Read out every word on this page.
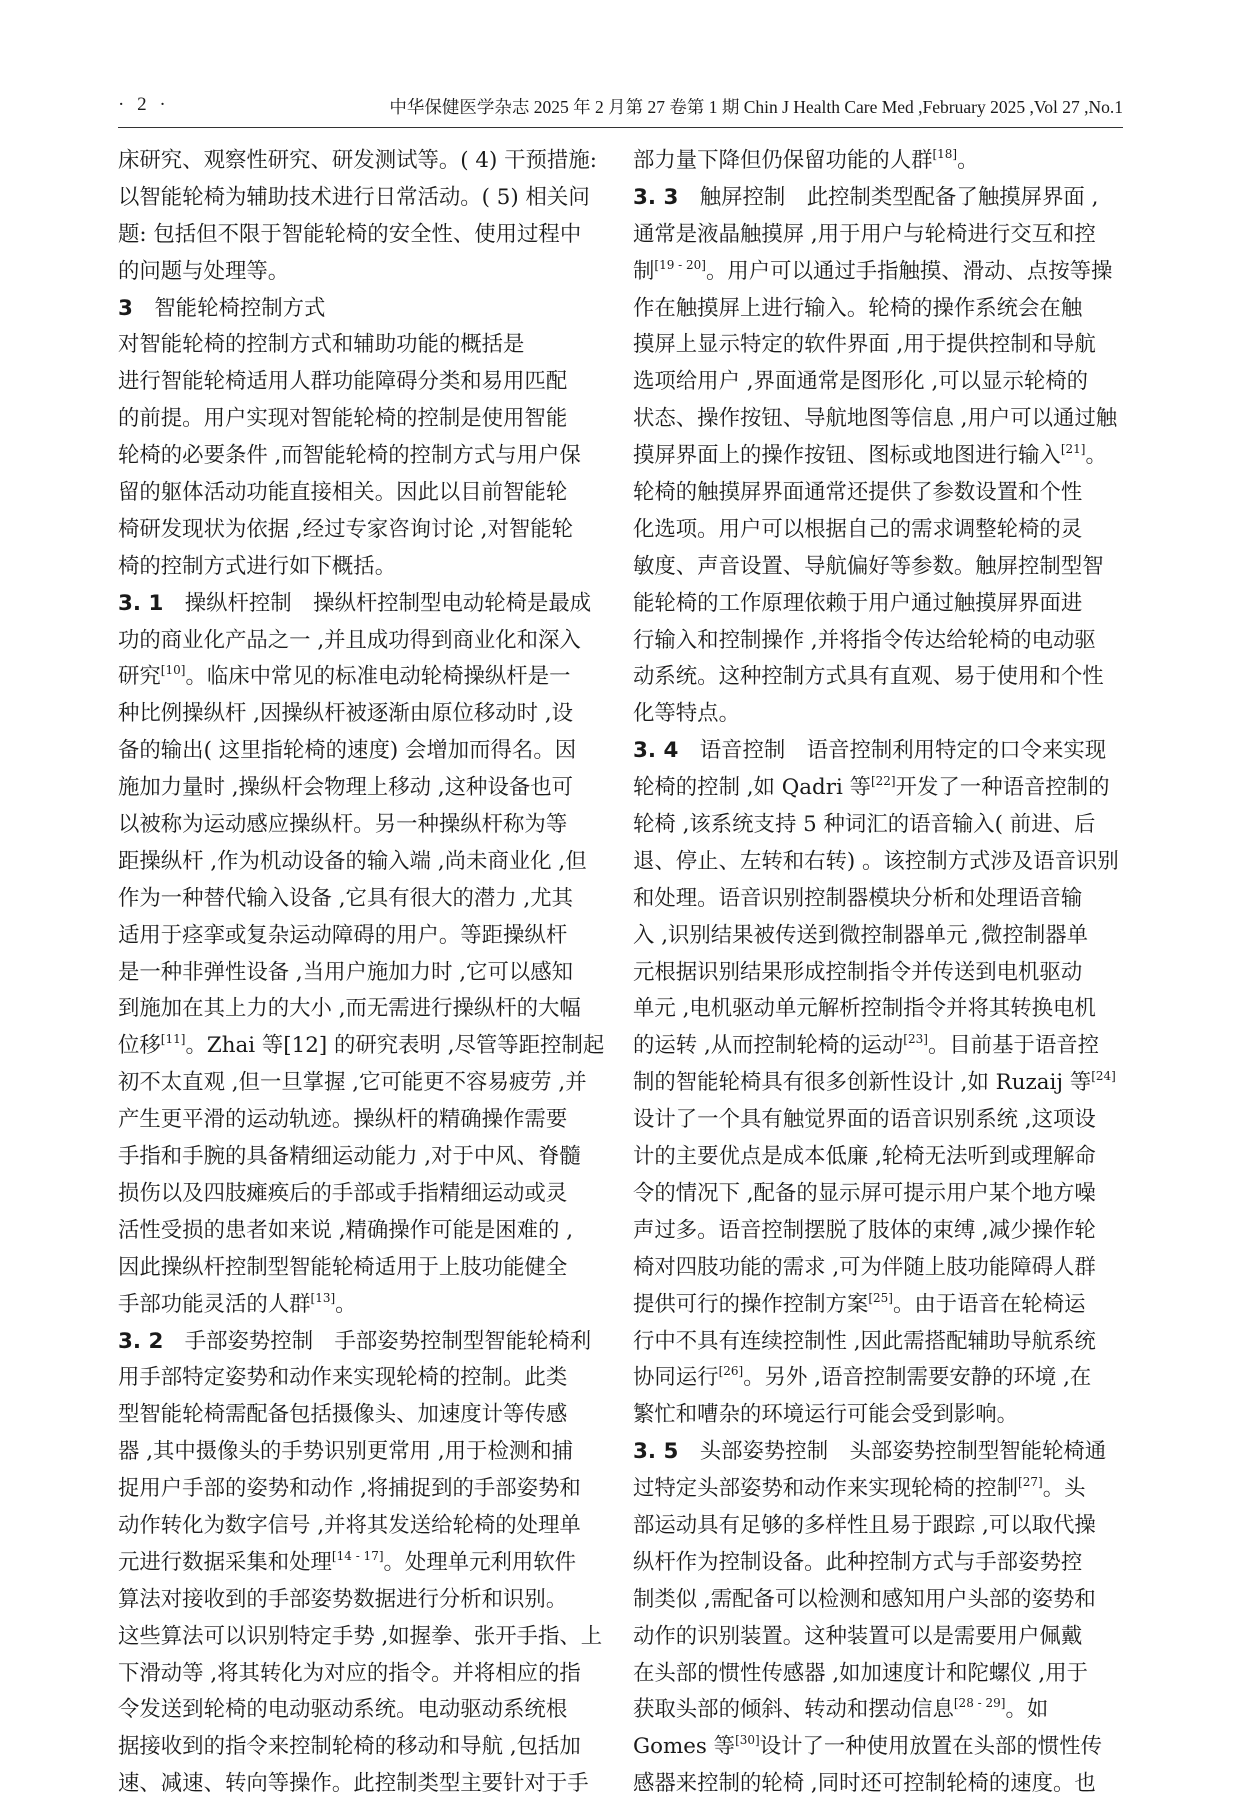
· 2 ·	中华保健医学杂志 2025 年 2 月第 27 卷第 1 期 Chin J Health Care Med ,February 2025 ,Vol 27 ,No.1
床研究、观察性研究、研发测试等。( 4) 干预措施:
以智能轮椅为辅助技术进行日常活动。( 5) 相关问
题: 包括但不限于智能轮椅的安全性、使用过程中
的问题与处理等。
3  智能轮椅控制方式
对智能轮椅的控制方式和辅助功能的概括是
进行智能轮椅适用人群功能障碍分类和易用匹配
的前提。用户实现对智能轮椅的控制是使用智能
轮椅的必要条件 ,而智能轮椅的控制方式与用户保
留的躯体活动功能直接相关。因此以目前智能轮
椅研发现状为依据 ,经过专家咨询讨论 ,对智能轮
椅的控制方式进行如下概括。
3. 1  操纵杆控制  操纵杆控制型电动轮椅是最成
功的商业化产品之一 ,并且成功得到商业化和深入
研究[10]。临床中常见的标准电动轮椅操纵杆是一
种比例操纵杆 ,因操纵杆被逐渐由原位移动时 ,设
备的输出( 这里指轮椅的速度) 会增加而得名。因
施加力量时 ,操纵杆会物理上移动 ,这种设备也可
以被称为运动感应操纵杆。另一种操纵杆称为等
距操纵杆 ,作为机动设备的输入端 ,尚未商业化 ,但
作为一种替代输入设备 ,它具有很大的潜力 ,尤其
适用于痉挛或复杂运动障碍的用户。等距操纵杆
是一种非弹性设备 ,当用户施加力时 ,它可以感知
到施加在其上力的大小 ,而无需进行操纵杆的大幅
位移[11]。Zhai 等[12] 的研究表明 ,尽管等距控制起
初不太直观 ,但一旦掌握 ,它可能更不容易疲劳 ,并
产生更平滑的运动轨迹。操纵杆的精确操作需要
手指和手腕的具备精细运动能力 ,对于中风、脊髓
损伤以及四肢瘫痪后的手部或手指精细运动或灵
活性受损的患者如来说 ,精确操作可能是困难的 ,
因此操纵杆控制型智能轮椅适用于上肢功能健全
手部功能灵活的人群[13]。
3. 2  手部姿势控制  手部姿势控制型智能轮椅利
用手部特定姿势和动作来实现轮椅的控制。此类
型智能轮椅需配备包括摄像头、加速度计等传感
器 ,其中摄像头的手势识别更常用 ,用于检测和捕
捉用户手部的姿势和动作 ,将捕捉到的手部姿势和
动作转化为数字信号 ,并将其发送给轮椅的处理单
元进行数据采集和处理[14 - 17]。处理单元利用软件
算法对接收到的手部姿势数据进行分析和识别。
这些算法可以识别特定手势 ,如握拳、张开手指、上
下滑动等 ,将其转化为对应的指令。并将相应的指
令发送到轮椅的电动驱动系统。电动驱动系统根
据接收到的指令来控制轮椅的移动和导航 ,包括加
速、减速、转向等操作。此控制类型主要针对于手
部力量下降但仍保留功能的人群[18]。
3. 3  触屏控制  此控制类型配备了触摸屏界面 ,
通常是液晶触摸屏 ,用于用户与轮椅进行交互和控
制[19 - 20]。用户可以通过手指触摸、滑动、点按等操
作在触摸屏上进行输入。轮椅的操作系统会在触
摸屏上显示特定的软件界面 ,用于提供控制和导航
选项给用户 ,界面通常是图形化 ,可以显示轮椅的
状态、操作按钮、导航地图等信息 ,用户可以通过触
摸屏界面上的操作按钮、图标或地图进行输入[21]。
轮椅的触摸屏界面通常还提供了参数设置和个性
化选项。用户可以根据自己的需求调整轮椅的灵
敏度、声音设置、导航偏好等参数。触屏控制型智
能轮椅的工作原理依赖于用户通过触摸屏界面进
行输入和控制操作 ,并将指令传达给轮椅的电动驱
动系统。这种控制方式具有直观、易于使用和个性
化等特点。
3. 4  语音控制  语音控制利用特定的口令来实现
轮椅的控制 ,如 Qadri 等[22]开发了一种语音控制的
轮椅 ,该系统支持 5 种词汇的语音输入( 前进、后
退、停止、左转和右转) 。该控制方式涉及语音识别
和处理。语音识别控制器模块分析和处理语音输
入 ,识别结果被传送到微控制器单元 ,微控制器单
元根据识别结果形成控制指令并传送到电机驱动
单元 ,电机驱动单元解析控制指令并将其转换电机
的运转 ,从而控制轮椅的运动[23]。目前基于语音控
制的智能轮椅具有很多创新性设计 ,如 Ruzaij 等[24]
设计了一个具有触觉界面的语音识别系统 ,这项设
计的主要优点是成本低廉 ,轮椅无法听到或理解命
令的情况下 ,配备的显示屏可提示用户某个地方噪
声过多。语音控制摆脱了肢体的束缚 ,减少操作轮
椅对四肢功能的需求 ,可为伴随上肢功能障碍人群
提供可行的操作控制方案[25]。由于语音在轮椅运
行中不具有连续控制性 ,因此需搭配辅助导航系统
协同运行[26]。另外 ,语音控制需要安静的环境 ,在
繁忙和嘈杂的环境运行可能会受到影响。
3. 5  头部姿势控制  头部姿势控制型智能轮椅通
过特定头部姿势和动作来实现轮椅的控制[27]。头
部运动具有足够的多样性且易于跟踪 ,可以取代操
纵杆作为控制设备。此种控制方式与手部姿势控
制类似 ,需配备可以检测和感知用户头部的姿势和
动作的识别装置。这种装置可以是需要用户佩戴
在头部的惯性传感器 ,如加速度计和陀螺仪 ,用于
获取头部的倾斜、转动和摆动信息[28 - 29]。如
Gomes 等[30]设计了一种使用放置在头部的惯性传
感器来控制的轮椅 ,同时还可控制轮椅的速度。也
